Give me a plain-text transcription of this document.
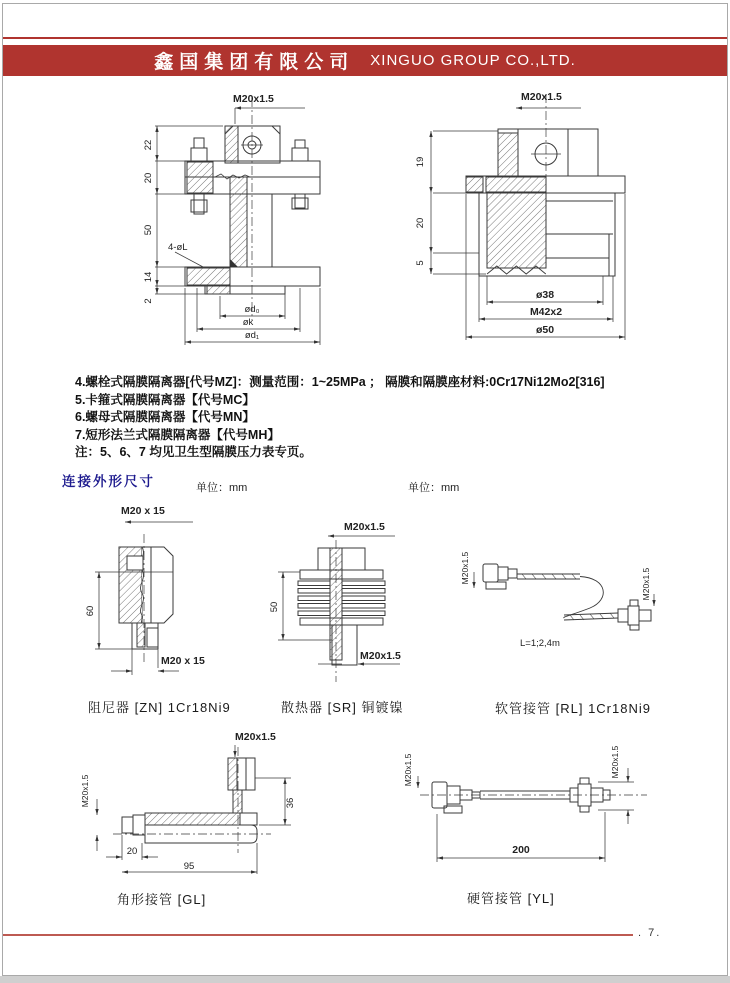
鑫国集团有限公司 XINGUO GROUP CO.,LTD.
M20x1.5
22
20
50
14
2
4-øL
ød₀
øk
ød₁
M20x1.5
19
20
5
ø38
M42x2
ø50
4.螺栓式隔膜隔离器[代号MZ]：测量范围：1~25MPa ； 隔膜和隔膜座材料:0Cr17Ni12Mo2[316]
5.卡箍式隔膜隔离器【代号MC】
6.螺母式隔膜隔离器【代号MN】
7.短形法兰式隔膜隔离器【代号MH】
注：5、6、7 均见卫生型隔膜压力表专页。
连接外形尺寸	单位：mm	单位：mm
M20 x 15
60
M20 x 15
M20x1.5
50
M20x1.5
M20x1.5	M20x1.5
L=1;2,4m
阻尼器 [ZN] 1Cr18Ni9	散热器 [SR] 铜镀镍	软管接管 [RL] 1Cr18Ni9
M20x1.5
M20x1.5	36
20
95
M20x1.5	M20x1.5
200
角形接管 [GL]	硬管接管 [YL]
. 7.
